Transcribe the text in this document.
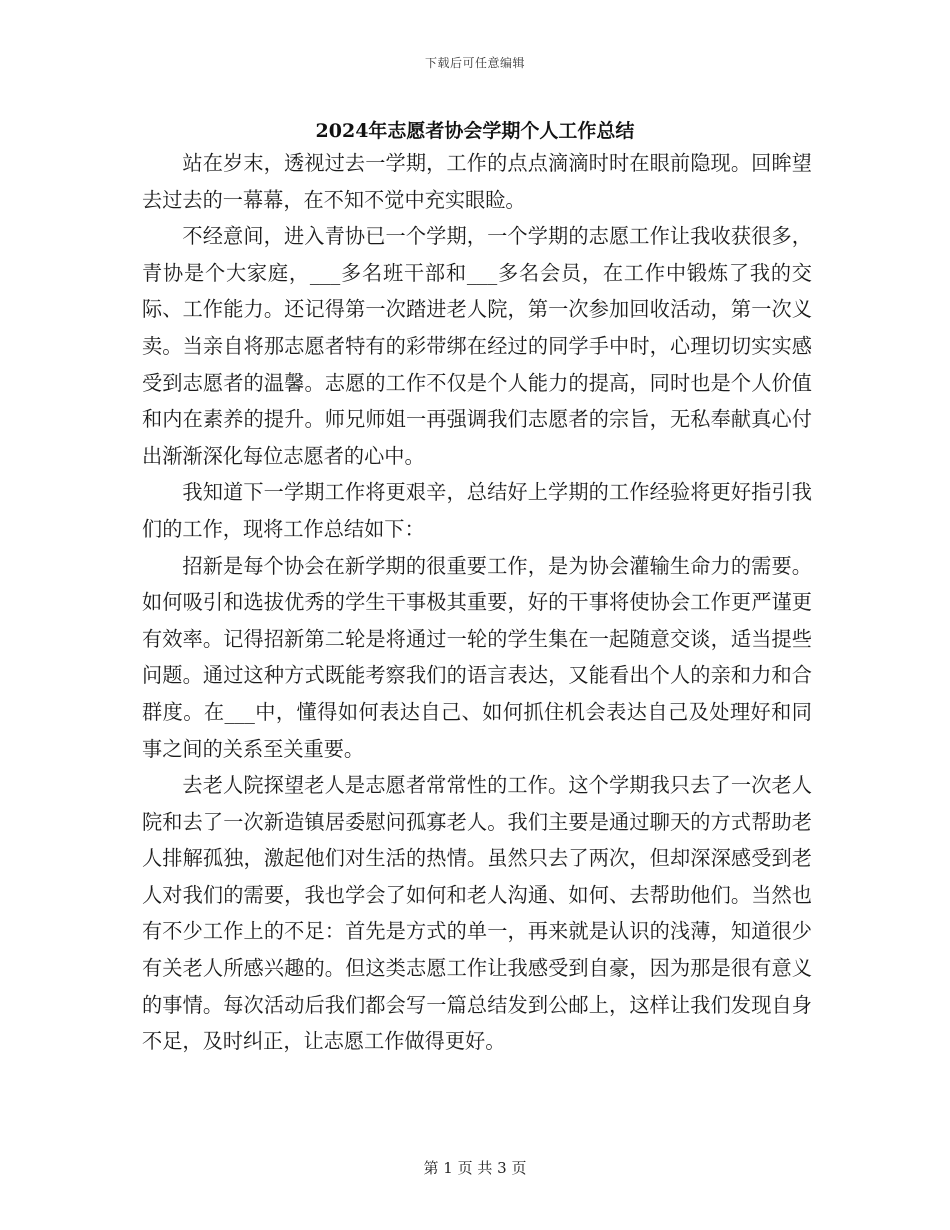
下载后可任意编辑
2024年志愿者协会学期个人工作总结

站在岁末，透视过去一学期，工作的点点滴滴时时在眼前隐现。回眸望去过去的一幕幕，在不知不觉中充实眼睑。

不经意间，进入青协已一个学期，一个学期的志愿工作让我收获很多，青协是个大家庭，___多名班干部和___多名会员，在工作中锻炼了我的交际、工作能力。还记得第一次踏进老人院，第一次参加回收活动，第一次义卖。当亲自将那志愿者特有的彩带绑在经过的同学手中时，心理切切实实感受到志愿者的温馨。志愿的工作不仅是个人能力的提高，同时也是个人价值和内在素养的提升。师兄师姐一再强调我们志愿者的宗旨，无私奉献真心付出渐渐深化每位志愿者的心中。

我知道下一学期工作将更艰辛，总结好上学期的工作经验将更好指引我们的工作，现将工作总结如下：

招新是每个协会在新学期的很重要工作，是为协会灌输生命力的需要。如何吸引和选拔优秀的学生干事极其重要，好的干事将使协会工作更严谨更有效率。记得招新第二轮是将通过一轮的学生集在一起随意交谈，适当提些问题。通过这种方式既能考察我们的语言表达，又能看出个人的亲和力和合群度。在___中，懂得如何表达自己、如何抓住机会表达自己及处理好和同事之间的关系至关重要。

去老人院探望老人是志愿者常常性的工作。这个学期我只去了一次老人院和去了一次新造镇居委慰问孤寡老人。我们主要是通过聊天的方式帮助老人排解孤独，激起他们对生活的热情。虽然只去了两次，但却深深感受到老人对我们的需要，我也学会了如何和老人沟通、如何、去帮助他们。当然也有不少工作上的不足：首先是方式的单一，再来就是认识的浅薄，知道很少有关老人所感兴趣的。但这类志愿工作让我感受到自豪，因为那是很有意义的事情。每次活动后我们都会写一篇总结发到公邮上，这样让我们发现自身不足，及时纠正，让志愿工作做得更好。

第 1 页 共 3 页
